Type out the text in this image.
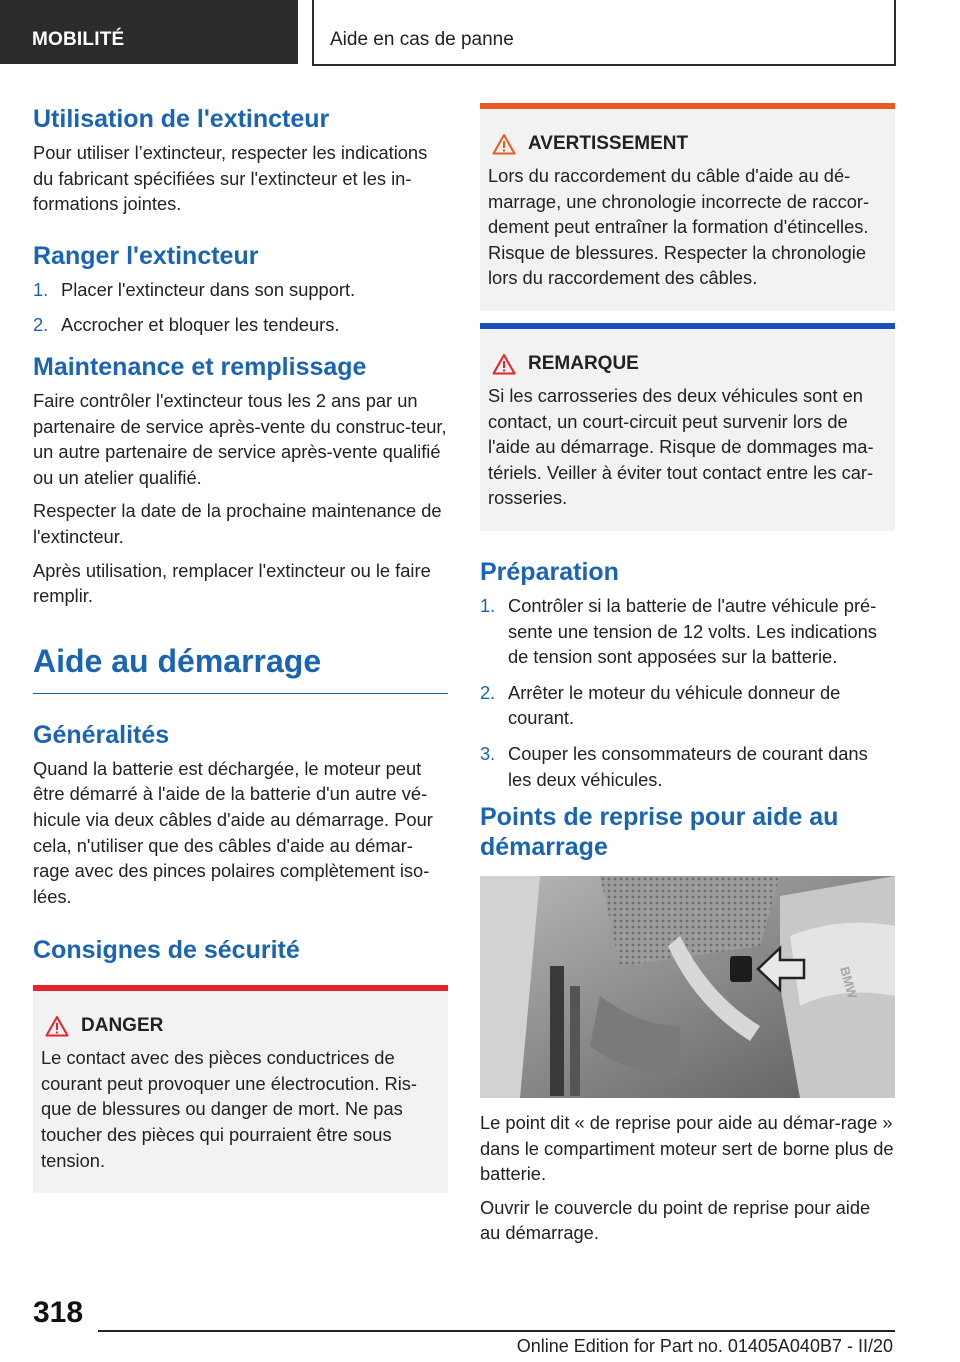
MOBILITÉ	Aide en cas de panne
Utilisation de l'extincteur

Pour utiliser l’extincteur, respecter les indications du fabricant spécifiées sur l'extincteur et les in-formations jointes.

Ranger l'extincteur
1. Placer l'extincteur dans son support.
2. Accrocher et bloquer les tendeurs.
Maintenance et remplissage

Faire contrôler l'extincteur tous les 2 ans par un partenaire de service après-vente du construc-teur, un autre partenaire de service après-vente qualifié ou un atelier qualifié.

Respecter la date de la prochaine maintenance de l'extincteur.

Après utilisation, remplacer l'extincteur ou le faire remplir.

Aide au démarrage
Généralités

Quand la batterie est déchargée, le moteur peut être démarré à l'aide de la batterie d'un autre vé-hicule via deux câbles d'aide au démarrage. Pour cela, n'utiliser que des câbles d'aide au démar-rage avec des pinces polaires complètement iso-lées.

Consignes de sécurité
DANGER

Le contact avec des pièces conductrices de courant peut provoquer une électrocution. Ris-que de blessures ou danger de mort. Ne pas toucher des pièces qui pourraient être sous tension.

AVERTISSEMENT

Lors du raccordement du câble d'aide au dé-marrage, une chronologie incorrecte de raccor-dement peut entraîner la formation d'étincelles. Risque de blessures. Respecter la chronologie lors du raccordement des câbles.

REMARQUE

Si les carrosseries des deux véhicules sont en contact, un court-circuit peut survenir lors de l'aide au démarrage. Risque de dommages ma-tériels. Veiller à éviter tout contact entre les car-rosseries.

Préparation
1. Contrôler si la batterie de l'autre véhicule pré-sente une tension de 12 volts. Les indications de tension sont apposées sur la batterie.
2. Arrêter le moteur du véhicule donneur de courant.
3. Couper les consommateurs de courant dans les deux véhicules.
Points de reprise pour aide au démarrage
BMW

Le point dit « de reprise pour aide au démar-rage » dans le compartiment moteur sert de borne plus de batterie.

Ouvrir le couvercle du point de reprise pour aide au démarrage.

318
Online Edition for Part no. 01405A040B7 - II/20
